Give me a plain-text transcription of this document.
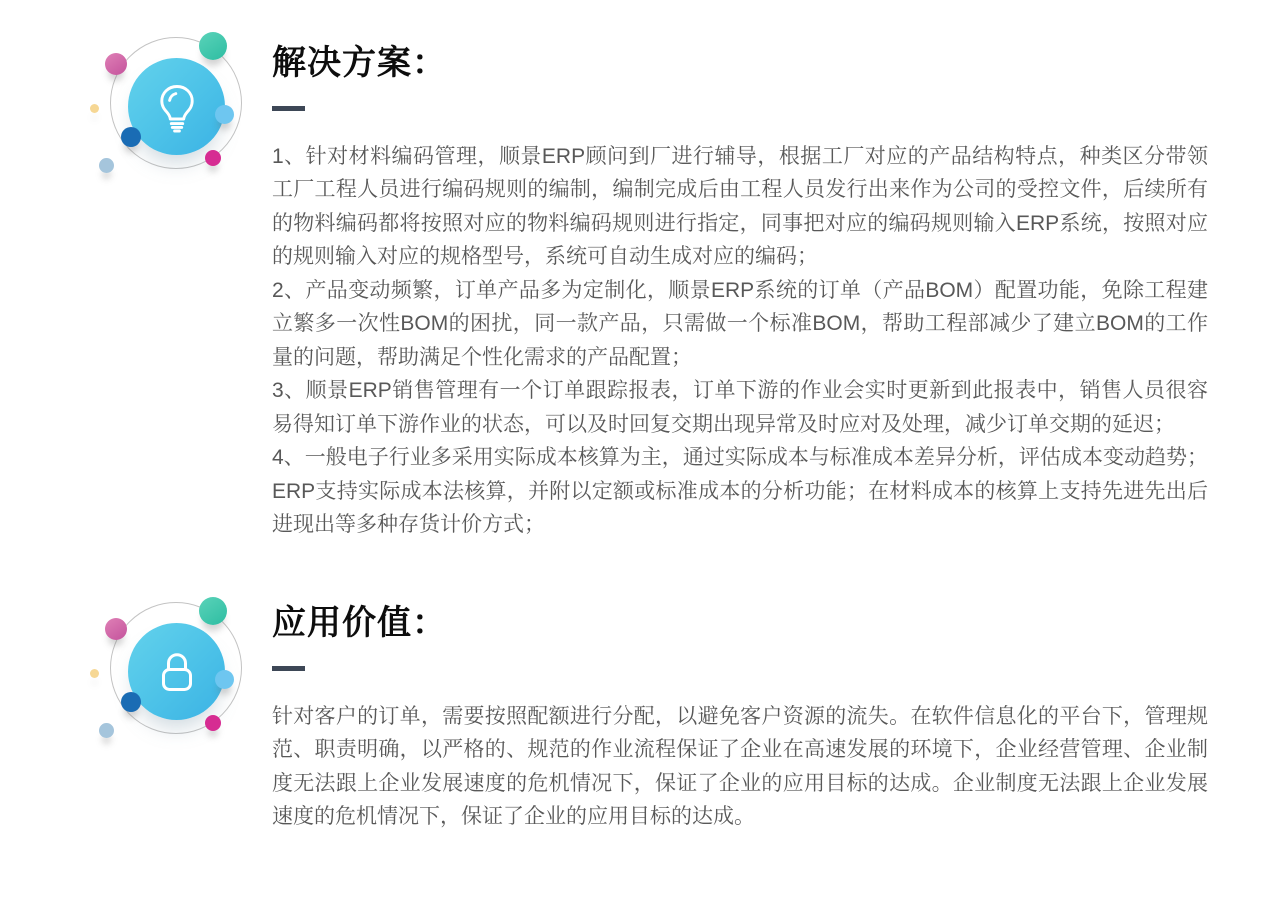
解决方案：

1、针对材料编码管理，顺景ERP顾问到厂进行辅导，根据工厂对应的产品结构特点，种类区分带领工厂工程人员进行编码规则的编制，编制完成后由工程人员发行出来作为公司的受控文件，后续所有的物料编码都将按照对应的物料编码规则进行指定，同事把对应的编码规则输入ERP系统，按照对应的规则输入对应的规格型号，系统可自动生成对应的编码；

2、产品变动频繁，订单产品多为定制化，顺景ERP系统的订单（产品BOM）配置功能，免除工程建立繁多一次性BOM的困扰，同一款产品，只需做一个标准BOM，帮助工程部减少了建立BOM的工作量的问题，帮助满足个性化需求的产品配置；

3、顺景ERP销售管理有一个订单跟踪报表，订单下游的作业会实时更新到此报表中，销售人员很容易得知订单下游作业的状态，可以及时回复交期出现异常及时应对及处理，减少订单交期的延迟；

4、一般电子行业多采用实际成本核算为主，通过实际成本与标准成本差异分析，评估成本变动趋势；ERP支持实际成本法核算，并附以定额或标准成本的分析功能；在材料成本的核算上支持先进先出后进现出等多种存货计价方式；

应用价值：

针对客户的订单，需要按照配额进行分配，以避免客户资源的流失。在软件信息化的平台下，管理规范、职责明确，以严格的、规范的作业流程保证了企业在高速发展的环境下，企业经营管理、企业制度无法跟上企业发展速度的危机情况下，保证了企业的应用目标的达成。企业制度无法跟上企业发展速度的危机情况下，保证了企业的应用目标的达成。
